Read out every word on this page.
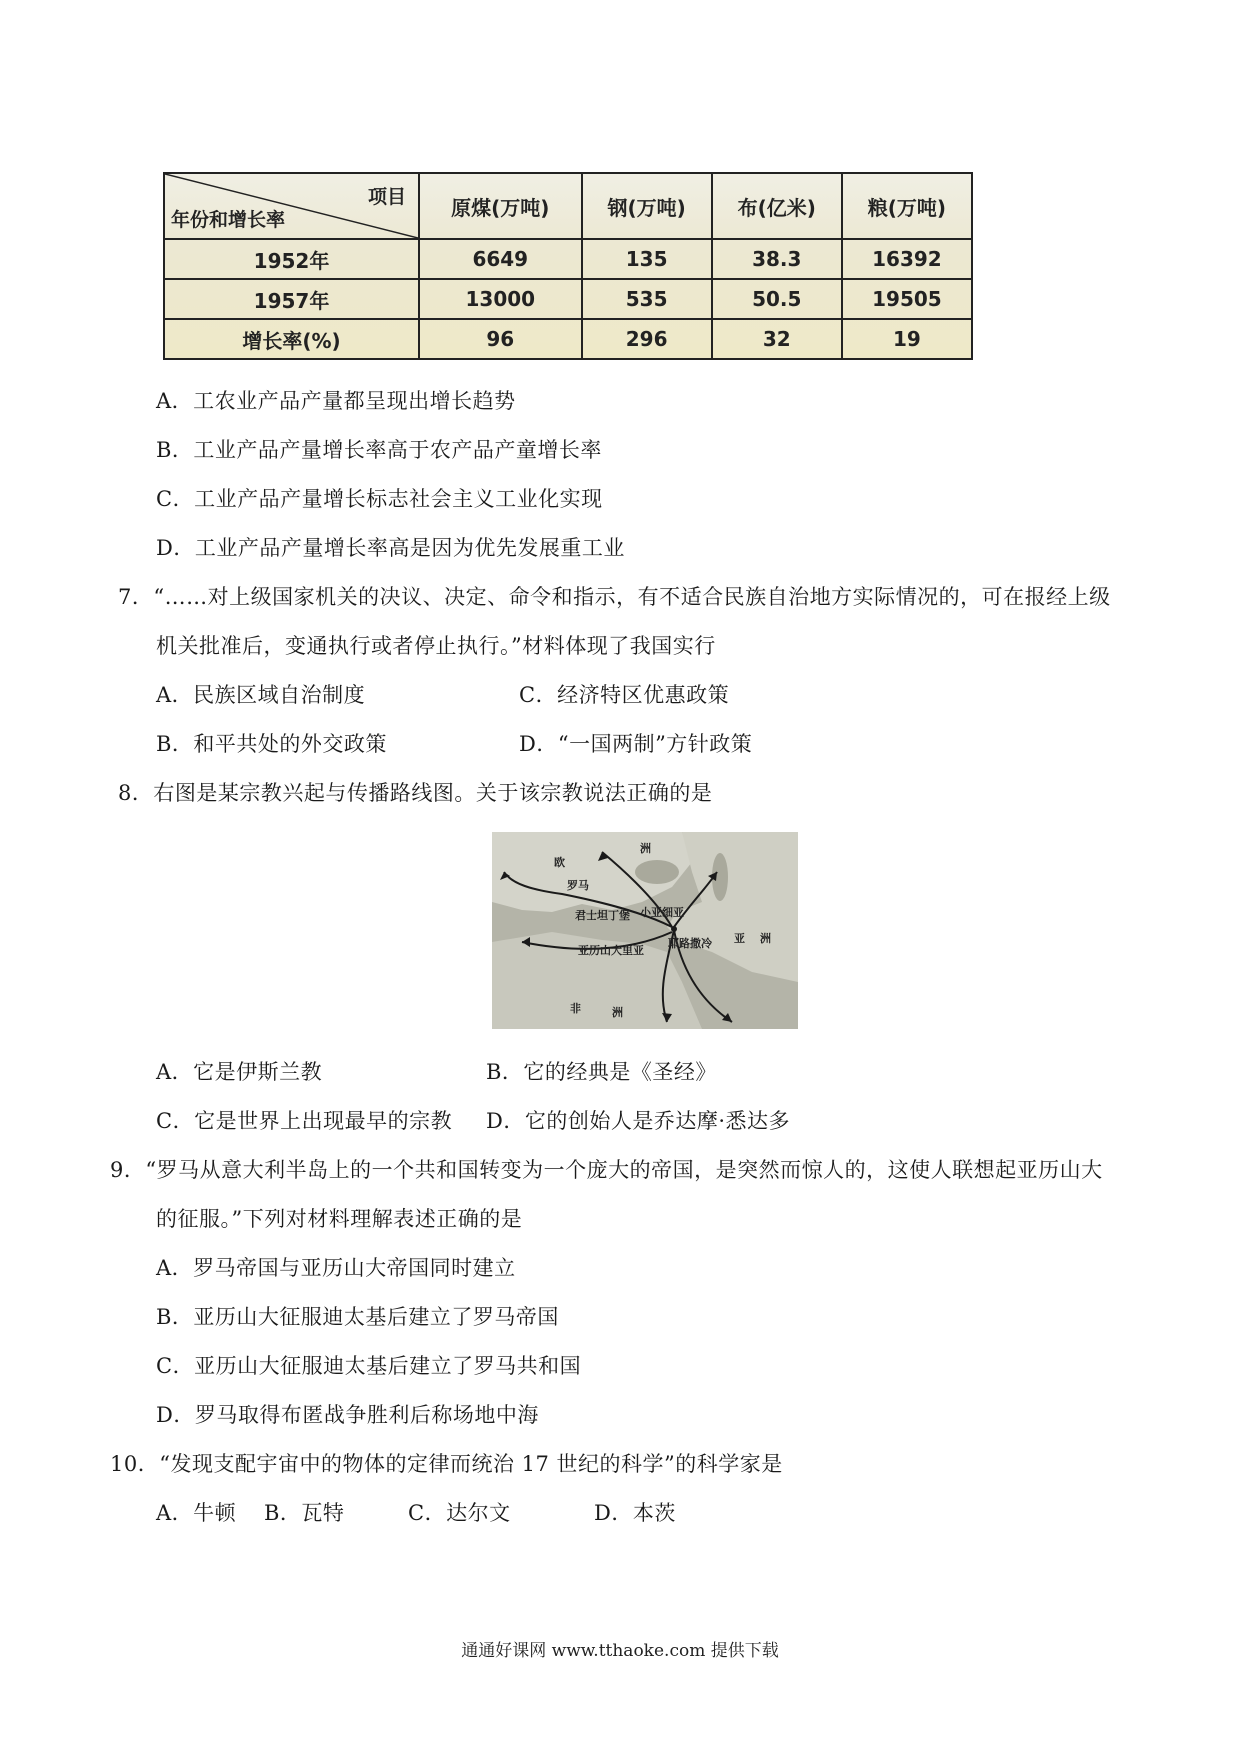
项目
年份和增长率	原煤(万吨)	钢(万吨)	布(亿米)	粮(万吨)
1952年	6649	135	38.3	16392
1957年	13000	535	50.5	19505
增长率(%)	96	296	32	19
A．工农业产品产量都呈现出增长趋势
B．工业产品产量增长率高于农产品产童增长率
C．工业产品产量增长标志社会主义工业化实现
D．工业产品产量增长率高是因为优先发展重工业
7．“……对上级国家机关的决议、决定、命令和指示，有不适合民族自治地方实际情况的，可在报经上级
机关批准后，变通执行或者停止执行。”材料体现了我国实行
A．民族区域自治制度	C．经济特区优惠政策
B．和平共处的外交政策	D．“一国两制”方针政策
8．右图是某宗教兴起与传播路线图。关于该宗教说法正确的是
欧
洲
罗马
君士坦丁堡 小亚细亚
耶路撒冷
亚历山大里亚
亚 洲
非	洲
A．它是伊斯兰教	B．它的经典是《圣经》
C．它是世界上出现最早的宗教 D．它的创始人是乔达摩·悉达多
9．“罗马从意大利半岛上的一个共和国转变为一个庞大的帝国，是突然而惊人的，这使人联想起亚历山大
的征服。”下列对材料理解表述正确的是
A．罗马帝国与亚历山大帝国同时建立
B．亚历山大征服迪太基后建立了罗马帝国
C．亚历山大征服迪太基后建立了罗马共和国
D．罗马取得布匿战争胜利后称场地中海
10．“发现支配宇宙中的物体的定律而统治 17 世纪的科学”的科学家是
A．牛顿 B．瓦特	C．达尔文	D．本茨
通通好课网 www.tthaoke.com 提供下载
